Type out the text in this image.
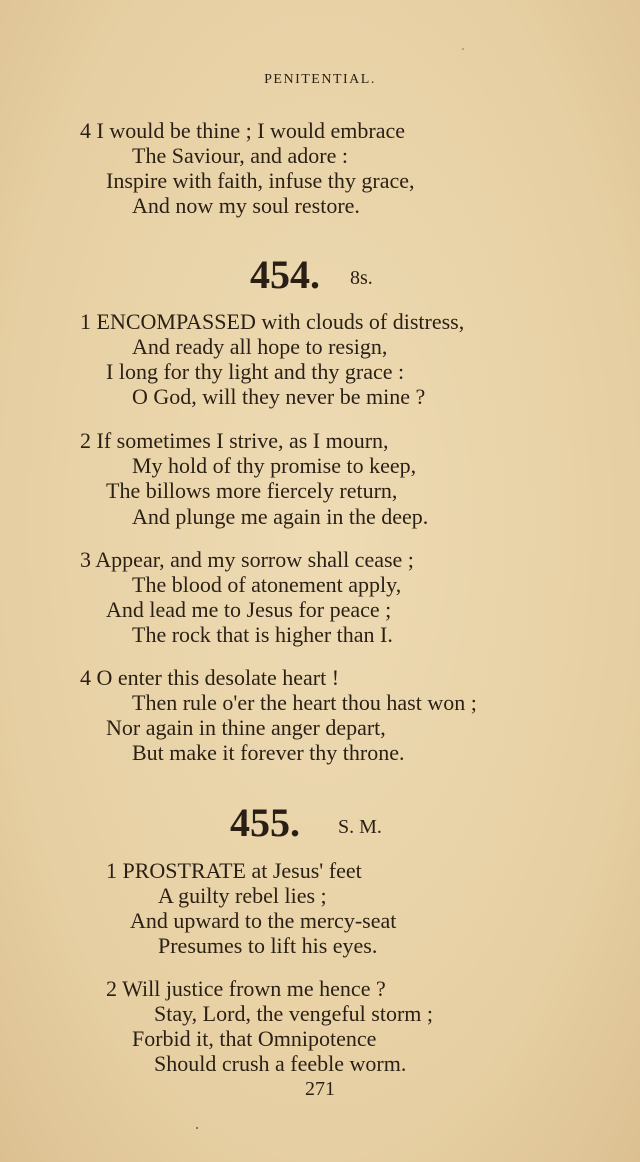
PENITENTIAL.
4 I would be thine ; I would embrace
The Saviour, and adore :
Inspire with faith, infuse thy grace,
And now my soul restore.
454. 8s.
1 ENCOMPASSED with clouds of distress,
And ready all hope to resign,
I long for thy light and thy grace :
O God, will they never be mine ?
2 If sometimes I strive, as I mourn,
My hold of thy promise to keep,
The billows more fiercely return,
And plunge me again in the deep.
3 Appear, and my sorrow shall cease ;
The blood of atonement apply,
And lead me to Jesus for peace ;
The rock that is higher than I.
4 O enter this desolate heart !
Then rule o'er the heart thou hast won ;
Nor again in thine anger depart,
But make it forever thy throne.
455. S. M.
1 PROSTRATE at Jesus' feet
A guilty rebel lies ;
And upward to the mercy-seat
Presumes to lift his eyes.
2 Will justice frown me hence ?
Stay, Lord, the vengeful storm ;
Forbid it, that Omnipotence
Should crush a feeble worm.
271
